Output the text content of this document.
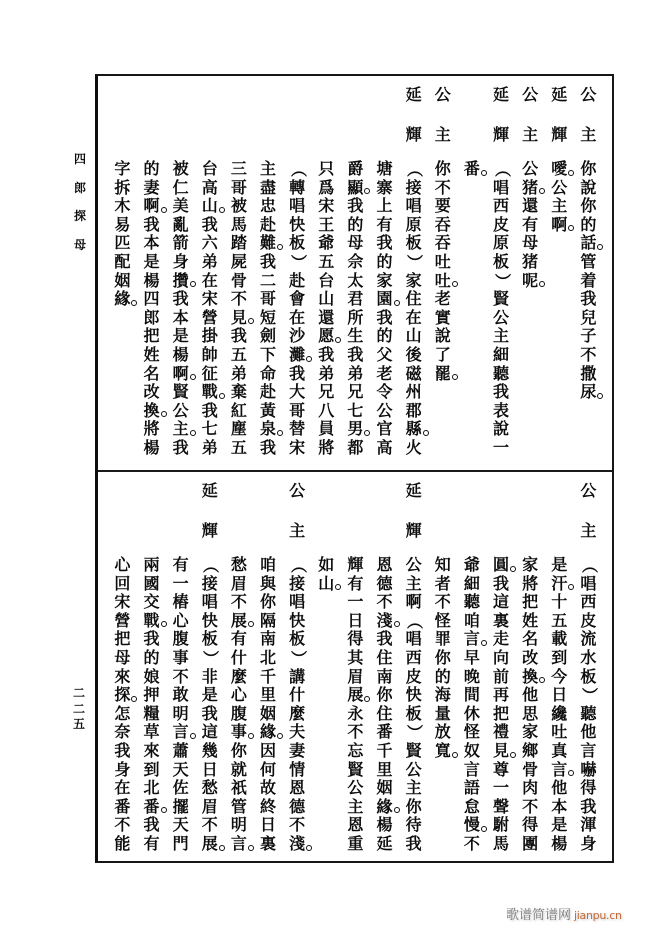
四
郎
探
母
二
二
五
公
主
你
說
你
的
話
管
着
我
兒
子
不
撒
尿
延
輝
噯
公
主
啊
公
主
公
猪
還
有
母
猪
呢
延
輝
（
唱
西
皮
原
板
）
賢
公
主
細
聽
我
表
說
一
番
公
主
你
不
要
吞
吞
吐
吐
老
實
說
了
罷
延
輝
（
接
唱
原
板
）
家
住
在
山
後
磁
州
郡
縣
火
塘
寨
上
有
我
的
家
園
我
的
父
老
令
公
官
高
爵
顯
我
的
母
佘
太
君
所
生
我
弟
兄
七
男
都
只
爲
宋
王
爺
五
台
山
還
愿
我
弟
兄
八
員
將
（
轉
唱
快
板
）
赴
會
在
沙
灘
我
大
哥
替
宋
主
盡
忠
赴
難
我
二
哥
短
劍
下
命
赴
黃
泉
我
三
哥
被
馬
踏
屍
骨
不
見
我
五
弟
棄
紅
塵
五
台
高
山
我
六
弟
在
宋
營
掛
帥
征
戰
我
七
弟
被
仁
美
亂
箭
身
攢
我
本
是
楊
啊
賢
公
主
我
的
妻
啊
我
本
是
楊
四
郎
把
姓
名
改
換
將
楊
字
拆
木
易
匹
配
姻
緣
公
主
（
唱
西
皮
流
水
板
）
聽
他
言
嚇
得
我
渾
身
是
汗
十
五
載
到
今
日
纔
吐
真
言
他
本
是
楊
家
將
把
姓
名
改
換
他
思
家
鄉
骨
肉
不
得
團
圓
我
這
裏
走
向
前
再
把
禮
見
尊
一
聲
駙
馬
爺
細
聽
咱
言
早
晚
間
休
怪
奴
言
語
怠
慢
不
知
者
不
怪
罪
你
的
海
量
放
寬
延
輝
公
主
啊
（
唱
西
皮
快
板
）
賢
公
主
你
待
我
恩
德
不
淺
我
住
南
你
住
番
千
里
姻
緣
楊
延
輝
有
一
日
得
其
眉
展
永
不
忘
賢
公
主
恩
重
如
山
公
主
（
接
唱
快
板
）
講
什
麼
夫
妻
情
恩
德
不
淺
咱
與
你
隔
南
北
千
里
姻
緣
因
何
故
終
日
裏
愁
眉
不
展
有
什
麼
心
腹
事
你
就
祇
管
明
言
延
輝
（
接
唱
快
板
）
非
是
我
這
幾
日
愁
眉
不
展
有
一
樁
心
腹
事
不
敢
明
言
蕭
天
佐
擺
天
門
兩
國
交
戰
我
的
娘
押
糧
草
來
到
北
番
我
有
心
回
宋
營
把
母
來
探
怎
奈
我
身
在
番
不
能
歌谱简谱网 jianpu.cn
